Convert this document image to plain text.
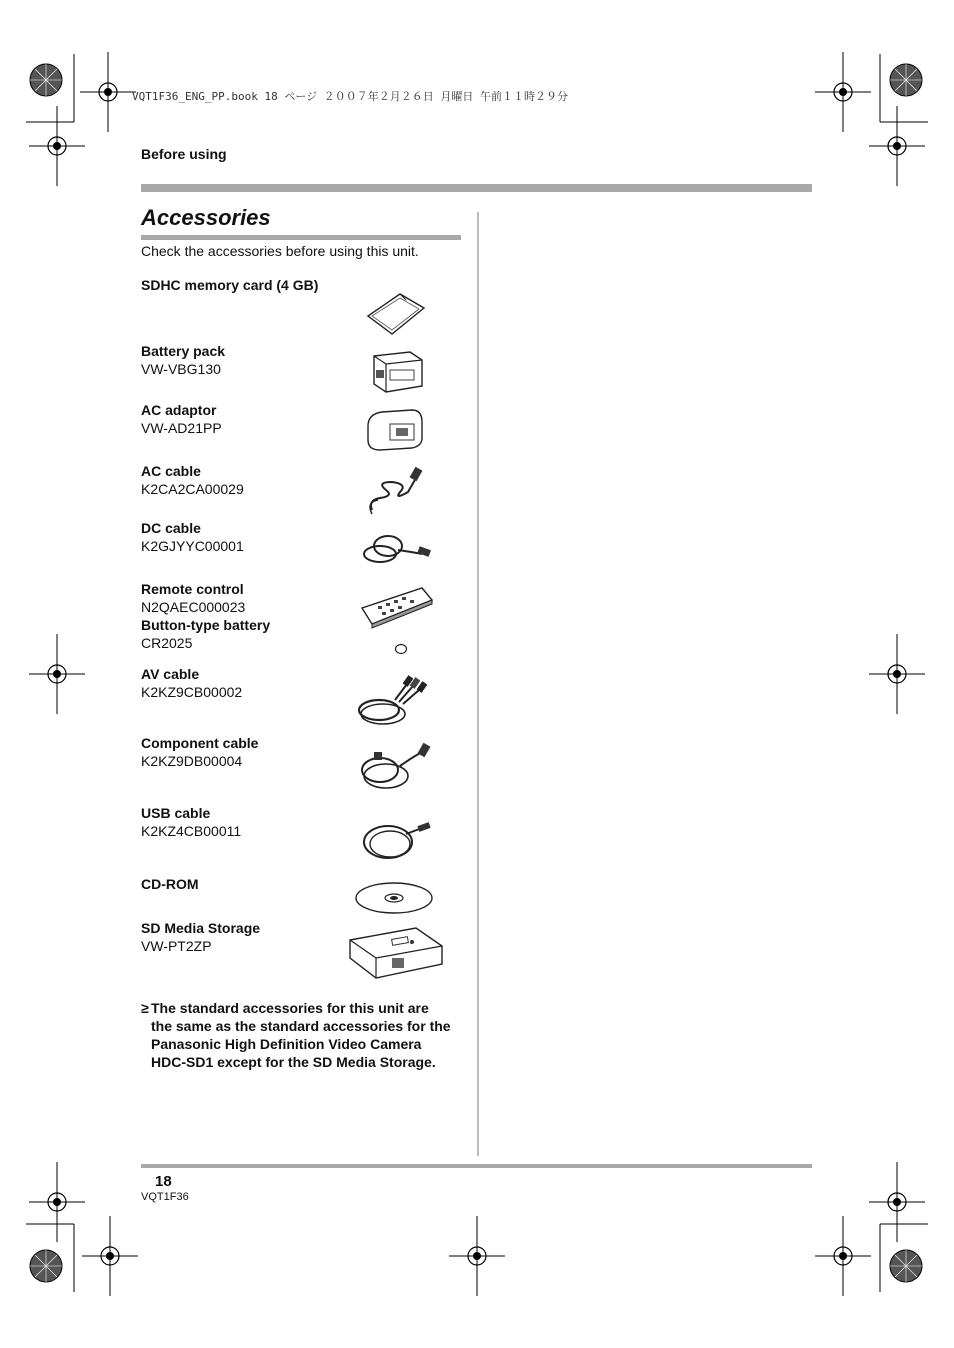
VQT1F36_ENG_PP.book 18 ページ ２００７年２月２６日 月曜日 午前１１時２９分
Before using
Accessories
Check the accessories before using this unit.
SDHC memory card (4 GB)
Battery pack
VW-VBG130
AC adaptor
VW-AD21PP
AC cable
K2CA2CA00029
DC cable
K2GJYYC00001
Remote control
N2QAEC000023
Button-type battery
CR2025
AV cable
K2KZ9CB00002
Component cable
K2KZ9DB00004
USB cable
K2KZ4CB00011
CD-ROM
SD Media Storage
VW-PT2ZP
≥ The standard accessories for this unit are the same as the standard accessories for the Panasonic High Definition Video Camera HDC-SD1 except for the SD Media Storage.
18
VQT1F36
